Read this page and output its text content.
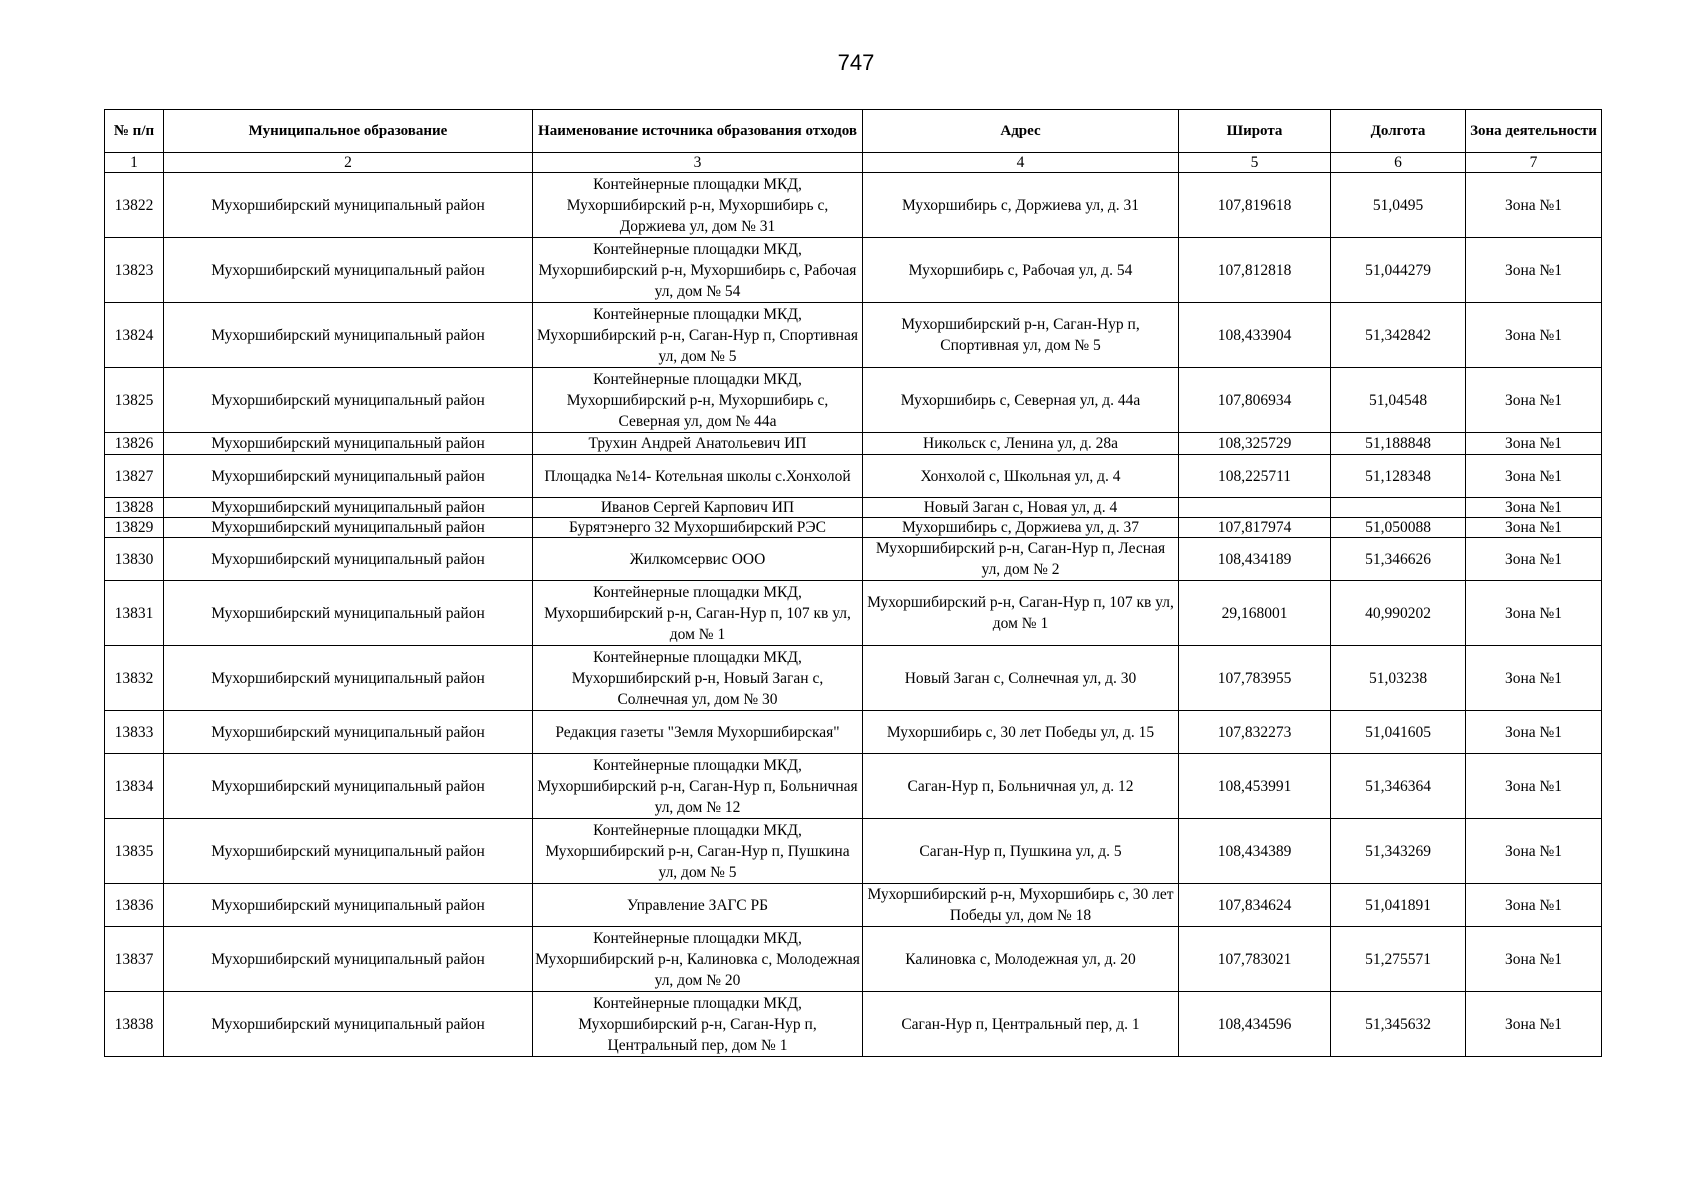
747
№ п/п	Муниципальное образование	Наименование источника образования отходов	Адрес	Широта	Долгота	Зона деятельности
1	2	3	4	5	6	7
13822	Мухоршибирский муниципальный район	Контейнерные площадки МКД, Мухоршибирский р-н, Мухоршибирь с, Доржиева ул, дом № 31	Мухоршибирь с, Доржиева ул, д. 31	107,819618	51,0495	Зона №1
13823	Мухоршибирский муниципальный район	Контейнерные площадки МКД, Мухоршибирский р-н, Мухоршибирь с, Рабочая ул, дом № 54	Мухоршибирь с, Рабочая ул, д. 54	107,812818	51,044279	Зона №1
13824	Мухоршибирский муниципальный район	Контейнерные площадки МКД, Мухоршибирский р-н, Саган-Нур п, Спортивная ул, дом № 5	Мухоршибирский р-н, Саган-Нур п, Спортивная ул, дом № 5	108,433904	51,342842	Зона №1
13825	Мухоршибирский муниципальный район	Контейнерные площадки МКД, Мухоршибирский р-н, Мухоршибирь с, Северная ул, дом № 44а	Мухоршибирь с, Северная ул, д. 44а	107,806934	51,04548	Зона №1
13826	Мухоршибирский муниципальный район	Трухин Андрей Анатольевич ИП	Никольск с, Ленина ул, д. 28а	108,325729	51,188848	Зона №1
13827	Мухоршибирский муниципальный район	Площадка №14- Котельная школы с.Хонхолой	Хонхолой с, Школьная ул, д. 4	108,225711	51,128348	Зона №1
13828	Мухоршибирский муниципальный район	Иванов Сергей Карпович ИП	Новый Заган с, Новая ул, д. 4			Зона №1
13829	Мухоршибирский муниципальный район	Бурятэнерго 32 Мухоршибирский РЭС	Мухоршибирь с, Доржиева ул, д. 37	107,817974	51,050088	Зона №1
13830	Мухоршибирский муниципальный район	Жилкомсервис ООО	Мухоршибирский р-н, Саган-Нур п, Лесная ул, дом № 2	108,434189	51,346626	Зона №1
13831	Мухоршибирский муниципальный район	Контейнерные площадки МКД, Мухоршибирский р-н, Саган-Нур п, 107 кв ул, дом № 1	Мухоршибирский р-н, Саган-Нур п, 107 кв ул, дом № 1	29,168001	40,990202	Зона №1
13832	Мухоршибирский муниципальный район	Контейнерные площадки МКД, Мухоршибирский р-н, Новый Заган с, Солнечная ул, дом № 30	Новый Заган с, Солнечная ул, д. 30	107,783955	51,03238	Зона №1
13833	Мухоршибирский муниципальный район	Редакция газеты "Земля Мухоршибирская"	Мухоршибирь с, 30 лет Победы ул, д. 15	107,832273	51,041605	Зона №1
13834	Мухоршибирский муниципальный район	Контейнерные площадки МКД, Мухоршибирский р-н, Саган-Нур п, Больничная ул, дом № 12	Саган-Нур п, Больничная ул, д. 12	108,453991	51,346364	Зона №1
13835	Мухоршибирский муниципальный район	Контейнерные площадки МКД, Мухоршибирский р-н, Саган-Нур п, Пушкина ул, дом № 5	Саган-Нур п, Пушкина ул, д. 5	108,434389	51,343269	Зона №1
13836	Мухоршибирский муниципальный район	Управление ЗАГС РБ	Мухоршибирский р-н, Мухоршибирь с, 30 лет Победы ул, дом № 18	107,834624	51,041891	Зона №1
13837	Мухоршибирский муниципальный район	Контейнерные площадки МКД, Мухоршибирский р-н, Калиновка с, Молодежная ул, дом № 20	Калиновка с, Молодежная ул, д. 20	107,783021	51,275571	Зона №1
13838	Мухоршибирский муниципальный район	Контейнерные площадки МКД, Мухоршибирский р-н, Саган-Нур п, Центральный пер, дом № 1	Саган-Нур п, Центральный пер, д. 1	108,434596	51,345632	Зона №1
